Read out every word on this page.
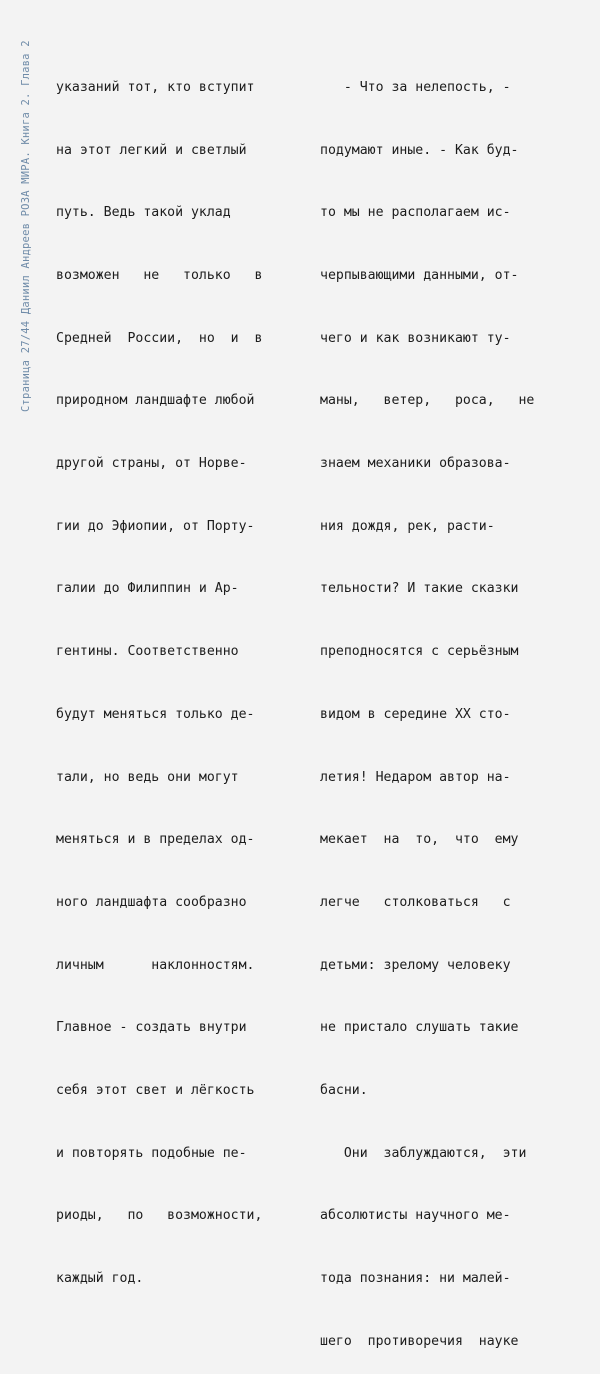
Страница 27/44 Даниил Андреев РОЗА МИРА. Книга 2. Глава 2

указаний тот, кто вступит

на этот легкий и светлый

путь. Ведь такой уклад

возможен   не   только   в

Средней  России,  но  и  в

природном ландшафте любой

другой страны, от Норве-

гии до Эфиопии, от Порту-

галии до Филиппин и Ар-

гентины. Соответственно

будут меняться только де-

тали, но ведь они могут

меняться и в пределах од-

ного ландшафта сообразно

личным      наклонностям.

Главное - создать внутри

себя этот свет и лёгкость

и повторять подобные пе-

риоды,   по   возможности,

каждый год.

- Что за нелепость, -

подумают иные. - Как буд-

то мы не располагаем ис-

черпывающими данными, от-

чего и как возникают ту-

маны,   ветер,   роса,   не

знаем механики образова-

ния дождя, рек, расти-

тельности? И такие сказки

преподносятся с серьёзным

видом в середине XX сто-

летия! Недаром автор на-

мекает  на  то,  что  ему

легче   столковаться   с

детьми: зрелому человеку

не пристало слушать такие

басни.

Они  заблуждаются,  эти

абсолютисты научного ме-

тода познания: ни малей-

шего  противоречия  науке
